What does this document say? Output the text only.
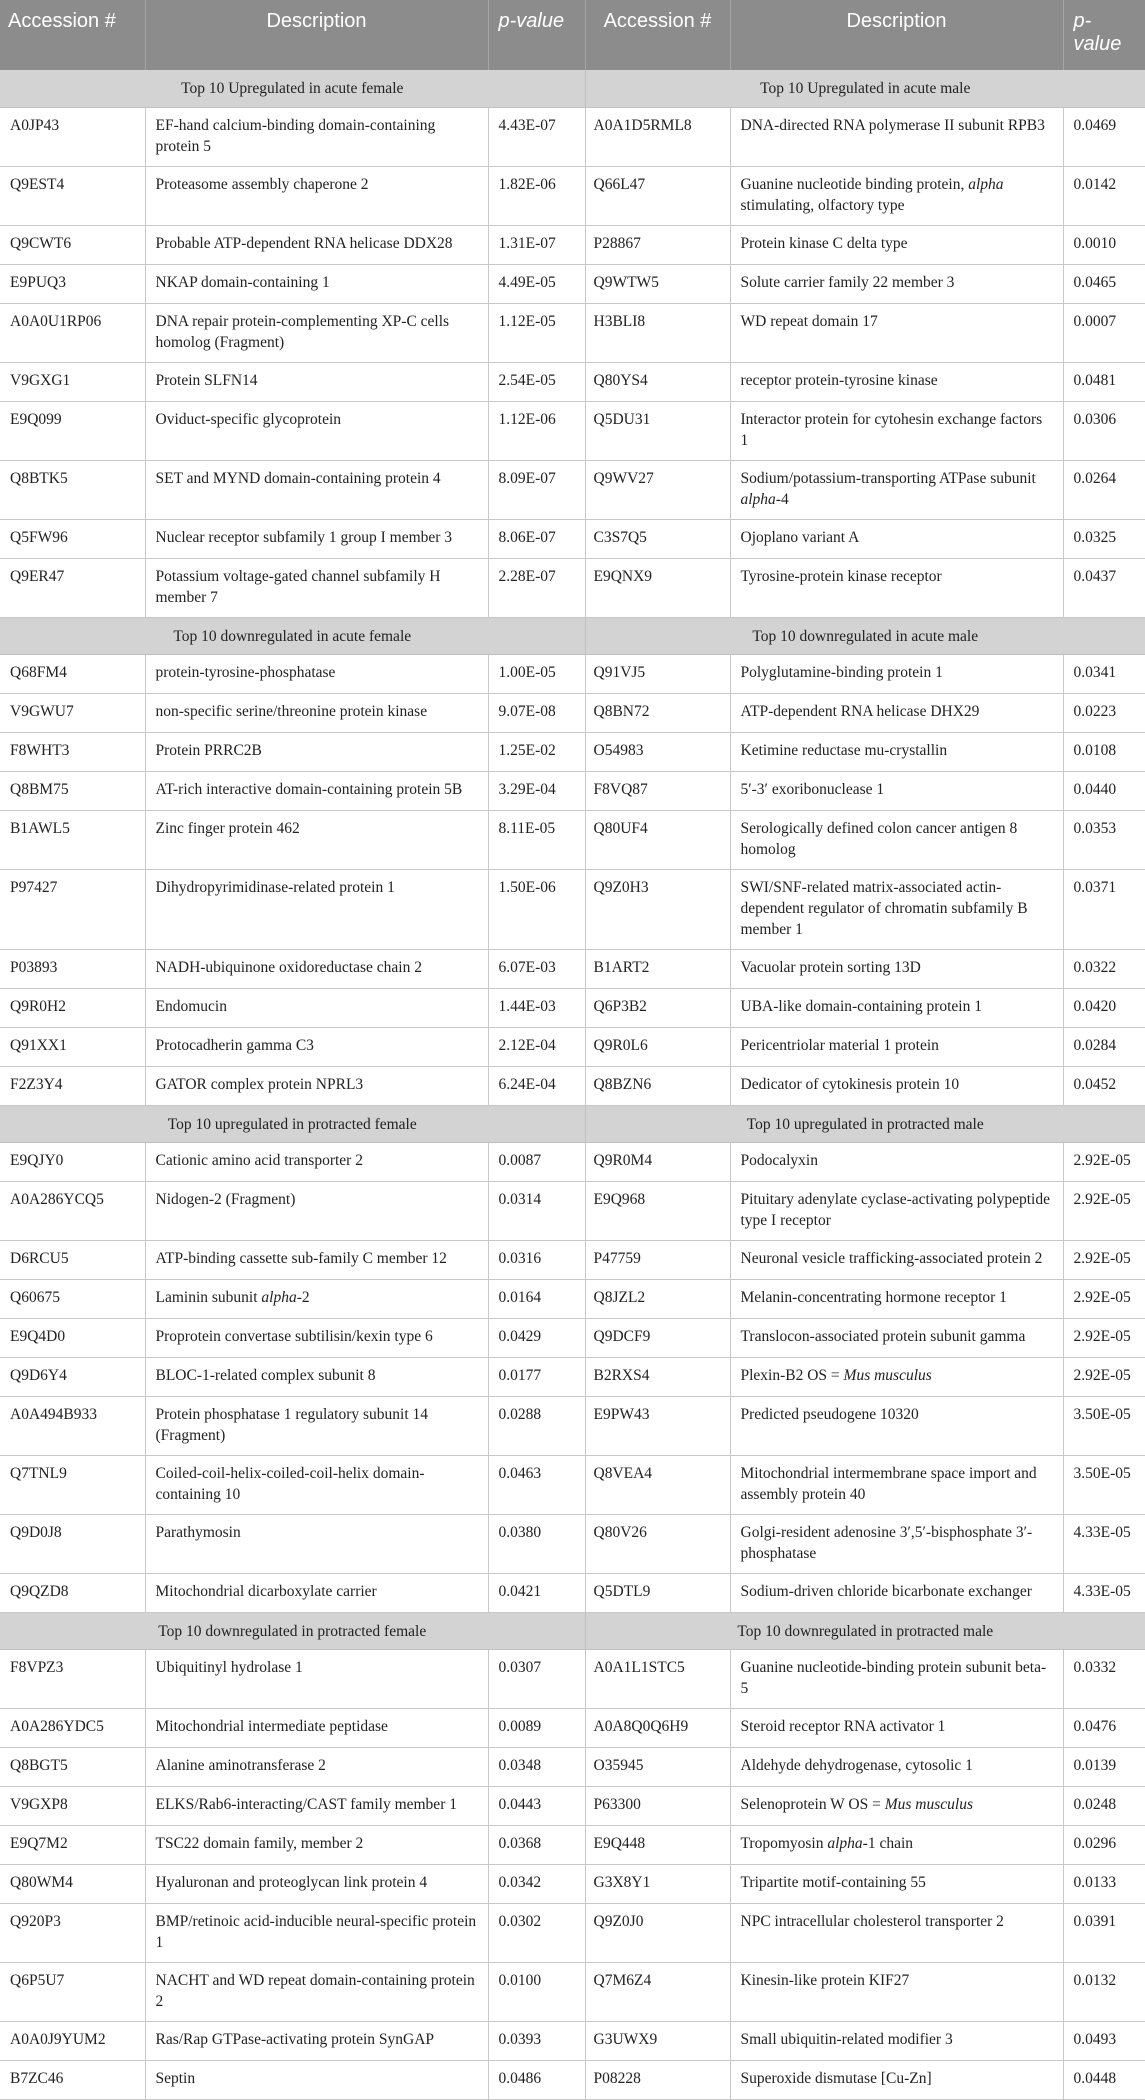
Accession #	Description	p-value	Accession #	Description	p-value
Top 10 Upregulated in acute female			Top 10 Upregulated in acute male		
A0JP43	EF-hand calcium-binding domain-containing protein 5	4.43E-07	A0A1D5RML8	DNA-directed RNA polymerase II subunit RPB3	0.0469
Q9EST4	Proteasome assembly chaperone 2	1.82E-06	Q66L47	Guanine nucleotide binding protein, alpha stimulating, olfactory type	0.0142
Q9CWT6	Probable ATP-dependent RNA helicase DDX28	1.31E-07	P28867	Protein kinase C delta type	0.0010
E9PUQ3	NKAP domain-containing 1	4.49E-05	Q9WTW5	Solute carrier family 22 member 3	0.0465
A0A0U1RP06	DNA repair protein-complementing XP-C cells homolog (Fragment)	1.12E-05	H3BLI8	WD repeat domain 17	0.0007
V9GXG1	Protein SLFN14	2.54E-05	Q80YS4	receptor protein-tyrosine kinase	0.0481
E9Q099	Oviduct-specific glycoprotein	1.12E-06	Q5DU31	Interactor protein for cytohesin exchange factors 1	0.0306
Q8BTK5	SET and MYND domain-containing protein 4	8.09E-07	Q9WV27	Sodium/potassium-transporting ATPase subunit alpha-4	0.0264
Q5FW96	Nuclear receptor subfamily 1 group I member 3	8.06E-07	C3S7Q5	Ojoplano variant A	0.0325
Q9ER47	Potassium voltage-gated channel subfamily H member 7	2.28E-07	E9QNX9	Tyrosine-protein kinase receptor	0.0437
Top 10 downregulated in acute female			Top 10 downregulated in acute male		
Q68FM4	protein-tyrosine-phosphatase	1.00E-05	Q91VJ5	Polyglutamine-binding protein 1	0.0341
V9GWU7	non-specific serine/threonine protein kinase	9.07E-08	Q8BN72	ATP-dependent RNA helicase DHX29	0.0223
F8WHT3	Protein PRRC2B	1.25E-02	O54983	Ketimine reductase mu-crystallin	0.0108
Q8BM75	AT-rich interactive domain-containing protein 5B	3.29E-04	F8VQ87	5′-3′ exoribonuclease 1	0.0440
B1AWL5	Zinc finger protein 462	8.11E-05	Q80UF4	Serologically defined colon cancer antigen 8 homolog	0.0353
P97427	Dihydropyrimidinase-related protein 1	1.50E-06	Q9Z0H3	SWI/SNF-related matrix-associated actin-dependent regulator of chromatin subfamily B member 1	0.0371
P03893	NADH-ubiquinone oxidoreductase chain 2	6.07E-03	B1ART2	Vacuolar protein sorting 13D	0.0322
Q9R0H2	Endomucin	1.44E-03	Q6P3B2	UBA-like domain-containing protein 1	0.0420
Q91XX1	Protocadherin gamma C3	2.12E-04	Q9R0L6	Pericentriolar material 1 protein	0.0284
F2Z3Y4	GATOR complex protein NPRL3	6.24E-04	Q8BZN6	Dedicator of cytokinesis protein 10	0.0452
Top 10 upregulated in protracted female			Top 10 upregulated in protracted male		
E9QJY0	Cationic amino acid transporter 2	0.0087	Q9R0M4	Podocalyxin	2.92E-05
A0A286YCQ5	Nidogen-2 (Fragment)	0.0314	E9Q968	Pituitary adenylate cyclase-activating polypeptide type I receptor	2.92E-05
D6RCU5	ATP-binding cassette sub-family C member 12	0.0316	P47759	Neuronal vesicle trafficking-associated protein 2	2.92E-05
Q60675	Laminin subunit alpha-2	0.0164	Q8JZL2	Melanin-concentrating hormone receptor 1	2.92E-05
E9Q4D0	Proprotein convertase subtilisin/kexin type 6	0.0429	Q9DCF9	Translocon-associated protein subunit gamma	2.92E-05
Q9D6Y4	BLOC-1-related complex subunit 8	0.0177	B2RXS4	Plexin-B2 OS = Mus musculus	2.92E-05
A0A494B933	Protein phosphatase 1 regulatory subunit 14 (Fragment)	0.0288	E9PW43	Predicted pseudogene 10320	3.50E-05
Q7TNL9	Coiled-coil-helix-coiled-coil-helix domain-containing 10	0.0463	Q8VEA4	Mitochondrial intermembrane space import and assembly protein 40	3.50E-05
Q9D0J8	Parathymosin	0.0380	Q80V26	Golgi-resident adenosine 3′,5′-bisphosphate 3′-phosphatase	4.33E-05
Q9QZD8	Mitochondrial dicarboxylate carrier	0.0421	Q5DTL9	Sodium-driven chloride bicarbonate exchanger	4.33E-05
Top 10 downregulated in protracted female			Top 10 downregulated in protracted male		
F8VPZ3	Ubiquitinyl hydrolase 1	0.0307	A0A1L1STC5	Guanine nucleotide-binding protein subunit beta-5	0.0332
A0A286YDC5	Mitochondrial intermediate peptidase	0.0089	A0A8Q0Q6H9	Steroid receptor RNA activator 1	0.0476
Q8BGT5	Alanine aminotransferase 2	0.0348	O35945	Aldehyde dehydrogenase, cytosolic 1	0.0139
V9GXP8	ELKS/Rab6-interacting/CAST family member 1	0.0443	P63300	Selenoprotein W OS = Mus musculus	0.0248
E9Q7M2	TSC22 domain family, member 2	0.0368	E9Q448	Tropomyosin alpha-1 chain	0.0296
Q80WM4	Hyaluronan and proteoglycan link protein 4	0.0342	G3X8Y1	Tripartite motif-containing 55	0.0133
Q920P3	BMP/retinoic acid-inducible neural-specific protein 1	0.0302	Q9Z0J0	NPC intracellular cholesterol transporter 2	0.0391
Q6P5U7	NACHT and WD repeat domain-containing protein 2	0.0100	Q7M6Z4	Kinesin-like protein KIF27	0.0132
A0A0J9YUM2	Ras/Rap GTPase-activating protein SynGAP	0.0393	G3UWX9	Small ubiquitin-related modifier 3	0.0493
B7ZC46	Septin	0.0486	P08228	Superoxide dismutase [Cu-Zn]	0.0448
